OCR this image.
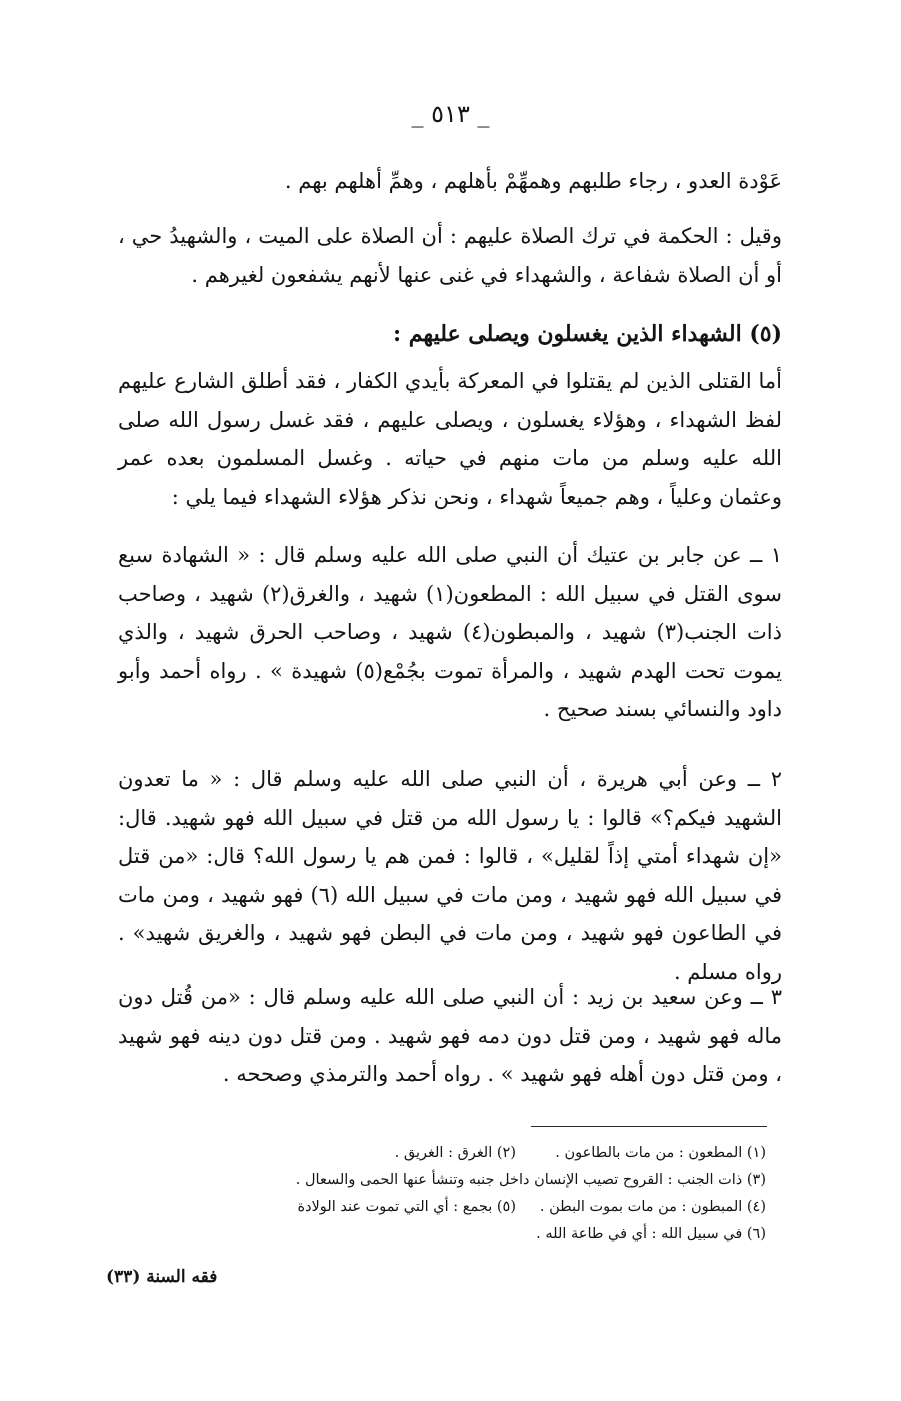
_ ٥١٣ _

عَوْدة العدو ، رجاء طلبهم وهمهِّمْ بأهلهم ، وهمِّ أهلهم بهم .

وقيل : الحكمة في ترك الصلاة عليهم : أن الصلاة على الميت ، والشهيدُ حي ، أو أن الصلاة شفاعة ، والشهداء في غنى عنها لأنهم يشفعون لغيرهم .

(٥) الشهداء الذين يغسلون ويصلى عليهم :

أما القتلى الذين لم يقتلوا في المعركة بأيدي الكفار ، فقد أطلق الشارع عليهم لفظ الشهداء ، وهؤلاء يغسلون ، ويصلى عليهم ، فقد غسل رسول الله صلى الله عليه وسلم من مات منهم في حياته . وغسل المسلمون بعده عمر وعثمان وعلياً ، وهم جميعاً شهداء ، ونحن نذكر هؤلاء الشهداء فيما يلي :

١ ــ عن جابر بن عتيك أن النبي صلى الله عليه وسلم قال : « الشهادة سبع سوى القتل في سبيل الله : المطعون(١) شهيد ، والغرق(٢) شهيد ، وصاحب ذات الجنب(٣) شهيد ، والمبطون(٤) شهيد ، وصاحب الحرق شهيد ، والذي يموت تحت الهدم شهيد ، والمرأة تموت بجُمْع(٥) شهيدة » . رواه أحمد وأبو داود والنسائي بسند صحيح .

٢ ــ وعن أبي هريرة ، أن النبي صلى الله عليه وسلم قال : « ما تعدون الشهيد فيكم؟» قالوا : يا رسول الله من قتل في سبيل الله فهو شهيد. قال: «إن شهداء أمتي إذاً لقليل» ، قالوا : فمن هم يا رسول الله؟ قال: «من قتل في سبيل الله فهو شهيد ، ومن مات في سبيل الله (٦) فهو شهيد ، ومن مات في الطاعون فهو شهيد ، ومن مات في البطن فهو شهيد ، والغريق شهيد» . رواه مسلم .

٣ ــ وعن سعيد بن زيد : أن النبي صلى الله عليه وسلم قال : «من قُتل دون ماله فهو شهيد ، ومن قتل دون دمه فهو شهيد . ومن قتل دون دينه فهو شهيد ، ومن قتل دون أهله فهو شهيد » . رواه أحمد والترمذي وصححه .

(١) المطعون : من مات بالطاعون .
(٢) الغرق : الغريق .
(٣) ذات الجنب : القروح تصيب الإنسان داخل جنبه وتنشأ عنها الحمى والسعال .
(٤) المبطون : من مات بموت البطن .
(٥) بجمع : أي التي تموت عند الولادة
(٦) في سبيل الله : أي في طاعة الله .
فقه السنة (٣٣)
